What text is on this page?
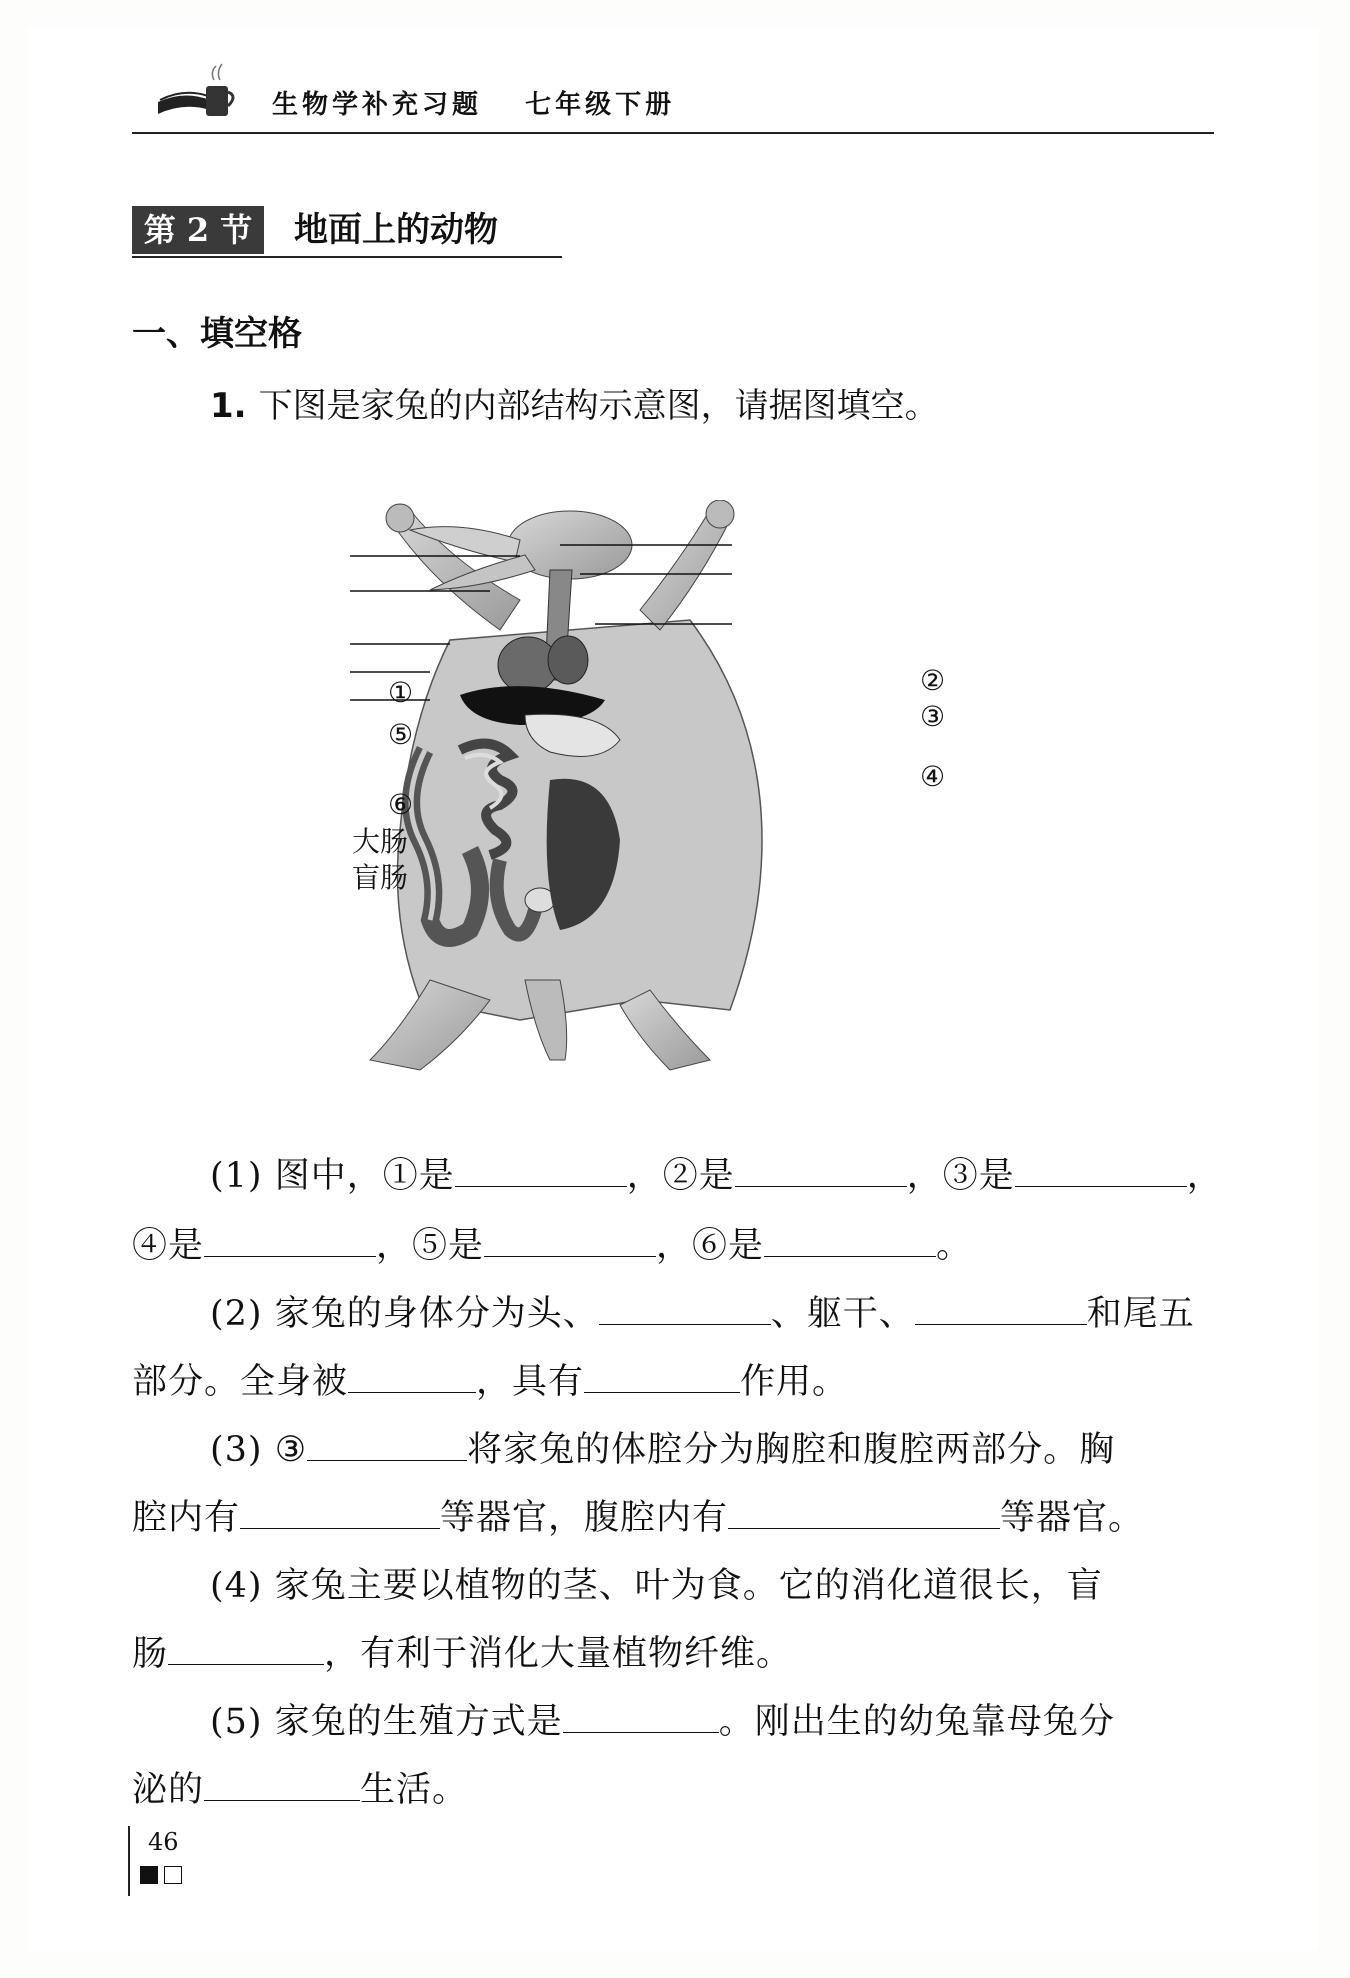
生物学补充习题 七年级下册
第 2 节	地面上的动物
一、填空格
1. 下图是家兔的内部结构示意图，请据图填空。
①
⑤
⑥
大肠
盲肠
②
③
④
(1) 图中，①是	，②是	，③是	，
④是	，⑤是	，⑥是	。
(2) 家兔的身体分为头、	、躯干、	和尾五
部分。全身被	，具有	作用。
(3) ③	将家兔的体腔分为胸腔和腹腔两部分。胸
腔内有	等器官，腹腔内有	等器官。
(4) 家兔主要以植物的茎、叶为食。它的消化道很长，盲
肠	，有利于消化大量植物纤维。
(5) 家兔的生殖方式是	。刚出生的幼兔靠母兔分
泌的	生活。
46
